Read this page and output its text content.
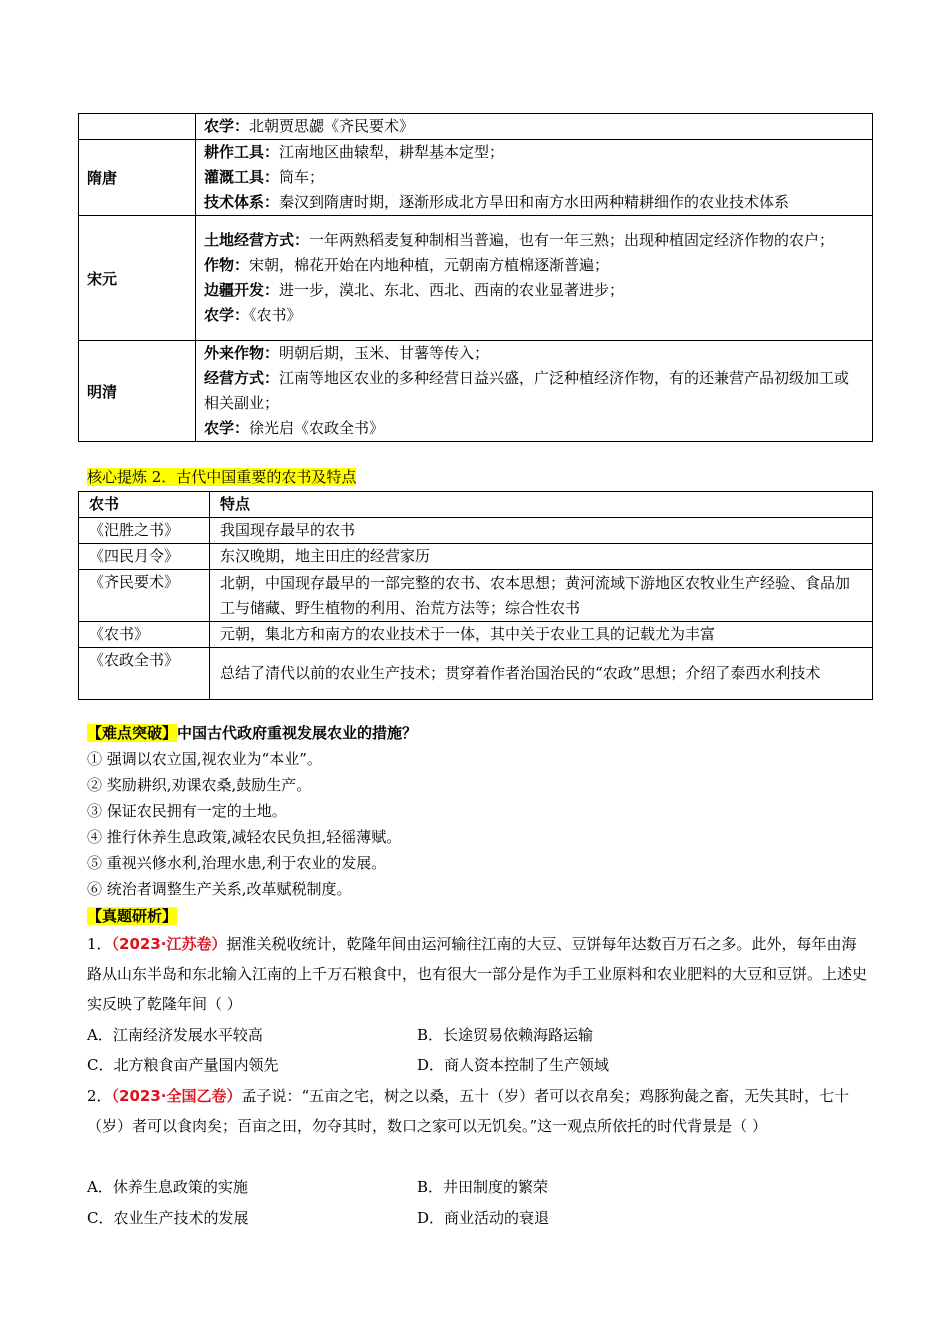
	农学：北朝贾思勰《齐民要术》

隋唐	耕作工具：江南地区曲辕犁，耕犁基本定型；
灌溉工具：筒车；
技术体系：秦汉到隋唐时期，逐渐形成北方旱田和南方水田两种精耕细作的农业技术体系

宋元	土地经营方式：一年两熟稻麦复种制相当普遍，也有一年三熟；出现种植固定经济作物的农户；
作物：宋朝，棉花开始在内地种植，元朝南方植棉逐渐普遍；
边疆开发：进一步，漠北、东北、西北、西南的农业显著进步；
农学：《农书》

明清	外来作物：明朝后期，玉米、甘薯等传入；
经营方式：江南等地区农业的多种经营日益兴盛，广泛种植经济作物，有的还兼营产品初级加工或相关副业；
农学：徐光启《农政全书》
核心提炼 2．古代中国重要的农书及特点
农书	特点
《汜胜之书》	我国现存最早的农书
《四民月令》	东汉晚期，地主田庄的经营家历
《齐民要术》	北朝，中国现存最早的一部完整的农书、农本思想；黄河流域下游地区农牧业生产经验、食品加工与储藏、野生植物的利用、治荒方法等；综合性农书
《农书》	元朝，集北方和南方的农业技术于一体，其中关于农业工具的记载尤为丰富
《农政全书》	总结了清代以前的农业生产技术；贯穿着作者治国治民的“农政”思想；介绍了泰西水利技术
【难点突破】中国古代政府重视发展农业的措施？
① 强调以农立国,视农业为“本业”。
② 奖励耕织,劝课农桑,鼓励生产。
③ 保证农民拥有一定的土地。
④ 推行休养生息政策,减轻农民负担,轻徭薄赋。
⑤ 重视兴修水利,治理水患,利于农业的发展。
⑥ 统治者调整生产关系,改革赋税制度。
【真题研析】
1．（2023·江苏卷）据淮关税收统计，乾隆年间由运河输往江南的大豆、豆饼每年达数百万石之多。此外，每年由海路从山东半岛和东北输入江南的上千万石粮食中，也有很大一部分是作为手工业原料和农业肥料的大豆和豆饼。上述史实反映了乾隆年间（ ）
A．江南经济发展水平较高	B．长途贸易依赖海路运输
C．北方粮食亩产量国内领先	D．商人资本控制了生产领域
2．（2023·全国乙卷）孟子说：“五亩之宅，树之以桑，五十（岁）者可以衣帛矣；鸡豚狗彘之畜，无失其时，七十（岁）者可以食肉矣；百亩之田，勿夺其时，数口之家可以无饥矣。”这一观点所依托的时代背景是（ ）
A．休养生息政策的实施	B．井田制度的繁荣
C．农业生产技术的发展	D．商业活动的衰退
